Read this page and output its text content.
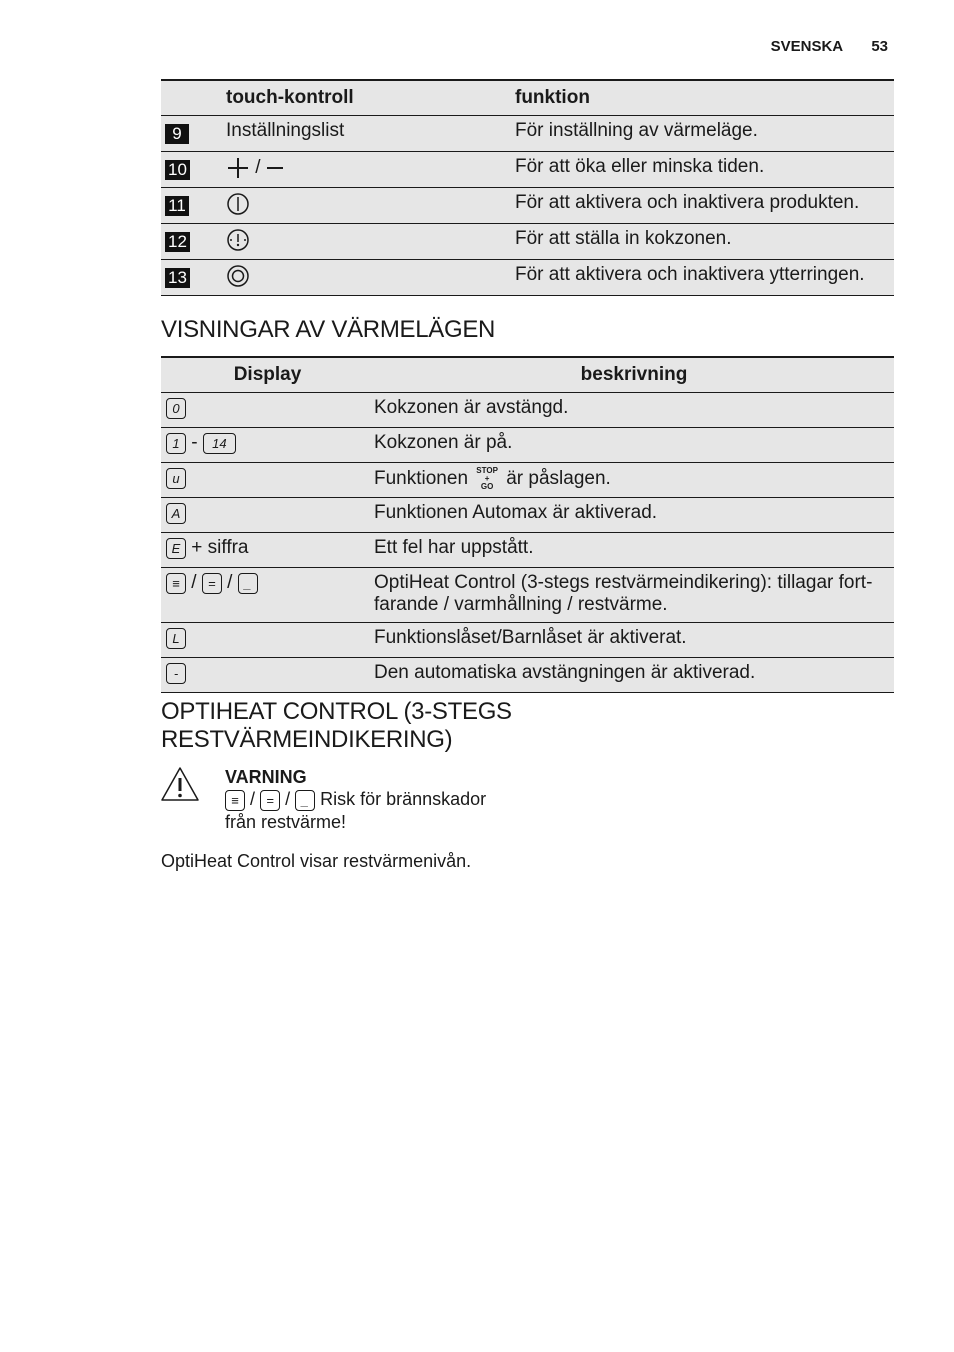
SVENSKA 53
	touch-kontroll	funktion
9	Inställningslist	För inställning av värmeläge.
10	/	För att öka eller minska tiden.
11		För att aktivera och inaktivera produkten.
12		För att ställa in kokzonen.
13		För att aktivera och inaktivera ytterringen.
VISNINGAR AV VÄRMELÄGEN
Display	beskrivning
0	Kokzonen är avstängd.
1 - 14	Kokzonen är på.
u	Funktionen STOP
+
GO är påslagen.
A	Funktionen Automax är aktiverad.
E + siffra	Ett fel har uppstått.
≡ / = / _	OptiHeat Control (3-stegs restvärmeindikering): tillagar fortfarande / varmhållning / restvärme.
L	Funktionslåset/Barnlåset är aktiverat.
-	Den automatiska avstängningen är aktiverad.
OPTIHEAT CONTROL (3-STEGS
RESTVÄRMEINDIKERING)
VARNING
≡ / = / _ Risk för brännskador
från restvärme!
OptiHeat Control visar restvärmenivån.
